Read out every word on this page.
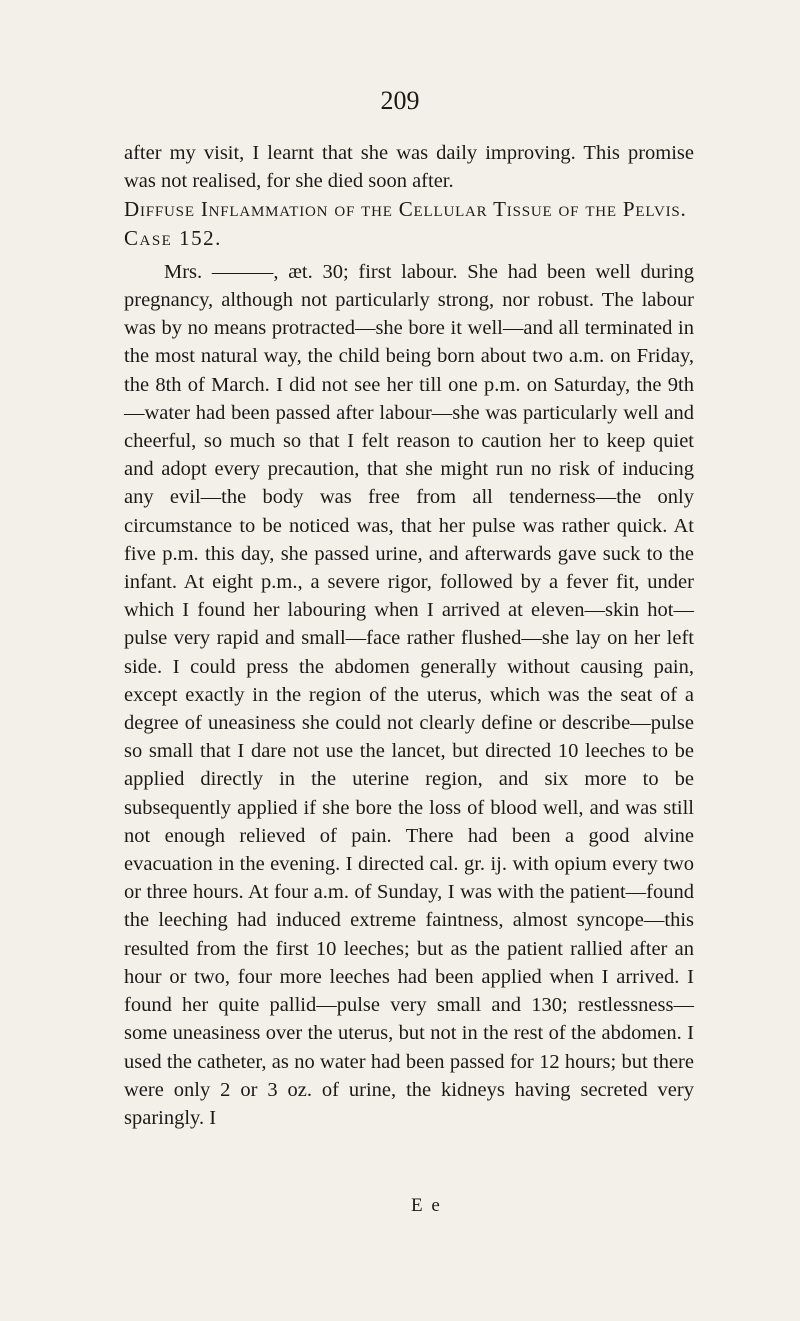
209

after my visit, I learnt that she was daily improving. This promise was not realised, for she died soon after.

Diffuse Inflammation of the Cellular Tissue of the Pelvis.

Case 152.

Mrs. ———, æt. 30; first labour. She had been well during pregnancy, although not particularly strong, nor robust. The labour was by no means protracted—she bore it well—and all terminated in the most natural way, the child being born about two a.m. on Friday, the 8th of March. I did not see her till one p.m. on Saturday, the 9th—water had been passed after labour—she was particularly well and cheerful, so much so that I felt reason to caution her to keep quiet and adopt every precaution, that she might run no risk of inducing any evil—the body was free from all tenderness—the only circumstance to be noticed was, that her pulse was rather quick. At five p.m. this day, she passed urine, and afterwards gave suck to the infant. At eight p.m., a severe rigor, followed by a fever fit, under which I found her labouring when I arrived at eleven—skin hot—pulse very rapid and small—face rather flushed—she lay on her left side. I could press the abdomen generally without causing pain, except exactly in the region of the uterus, which was the seat of a degree of uneasiness she could not clearly define or describe—pulse so small that I dare not use the lancet, but directed 10 leeches to be applied directly in the uterine region, and six more to be subsequently applied if she bore the loss of blood well, and was still not enough relieved of pain. There had been a good alvine evacuation in the evening. I directed cal. gr. ij. with opium every two or three hours. At four a.m. of Sunday, I was with the patient—found the leeching had induced extreme faintness, almost syncope—this resulted from the first 10 leeches; but as the patient rallied after an hour or two, four more leeches had been applied when I arrived. I found her quite pallid—pulse very small and 130; restlessness—some uneasiness over the uterus, but not in the rest of the abdomen. I used the catheter, as no water had been passed for 12 hours; but there were only 2 or 3 oz. of urine, the kidneys having secreted very sparingly. I

E e
